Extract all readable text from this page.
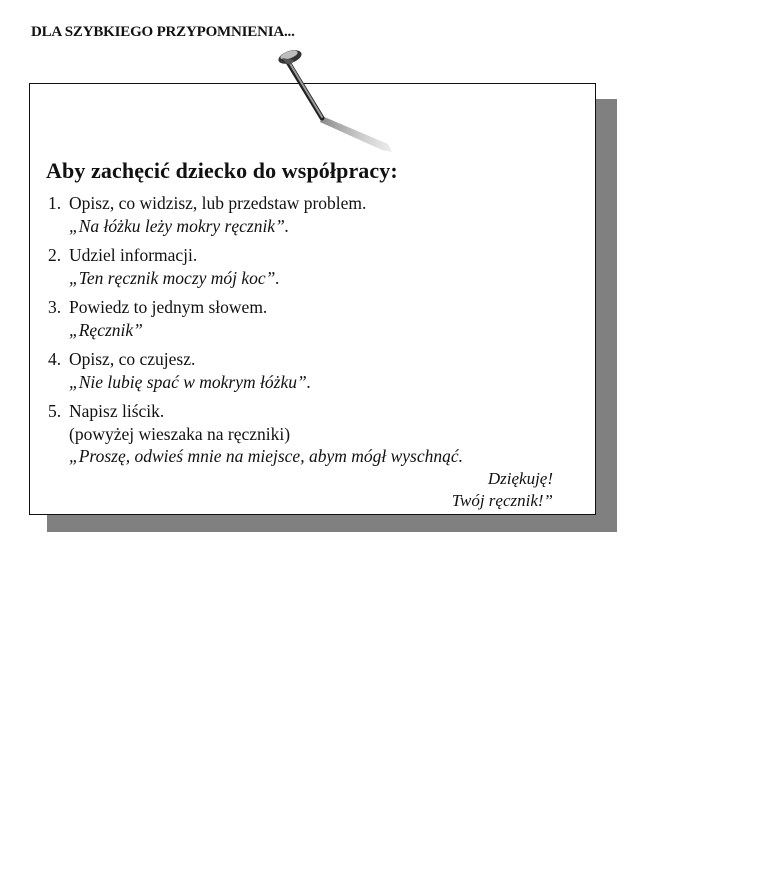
DLA SZYBKIEGO PRZYPOMNIENIA...
Aby zachęcić dziecko do współpracy:
1. Opisz, co widzisz, lub przedstaw problem.
„Na łóżku leży mokry ręcznik”.
2. Udziel informacji.
„Ten ręcznik moczy mój koc”.
3. Powiedz to jednym słowem.
„Ręcznik”
4. Opisz, co czujesz.
„Nie lubię spać w mokrym łóżku”.
5. Napisz liścik.
(powyżej wieszaka na ręczniki)
„Proszę, odwieś mnie na miejsce, abym mógł wyschnąć.
Dziękuję!
Twój ręcznik!”
